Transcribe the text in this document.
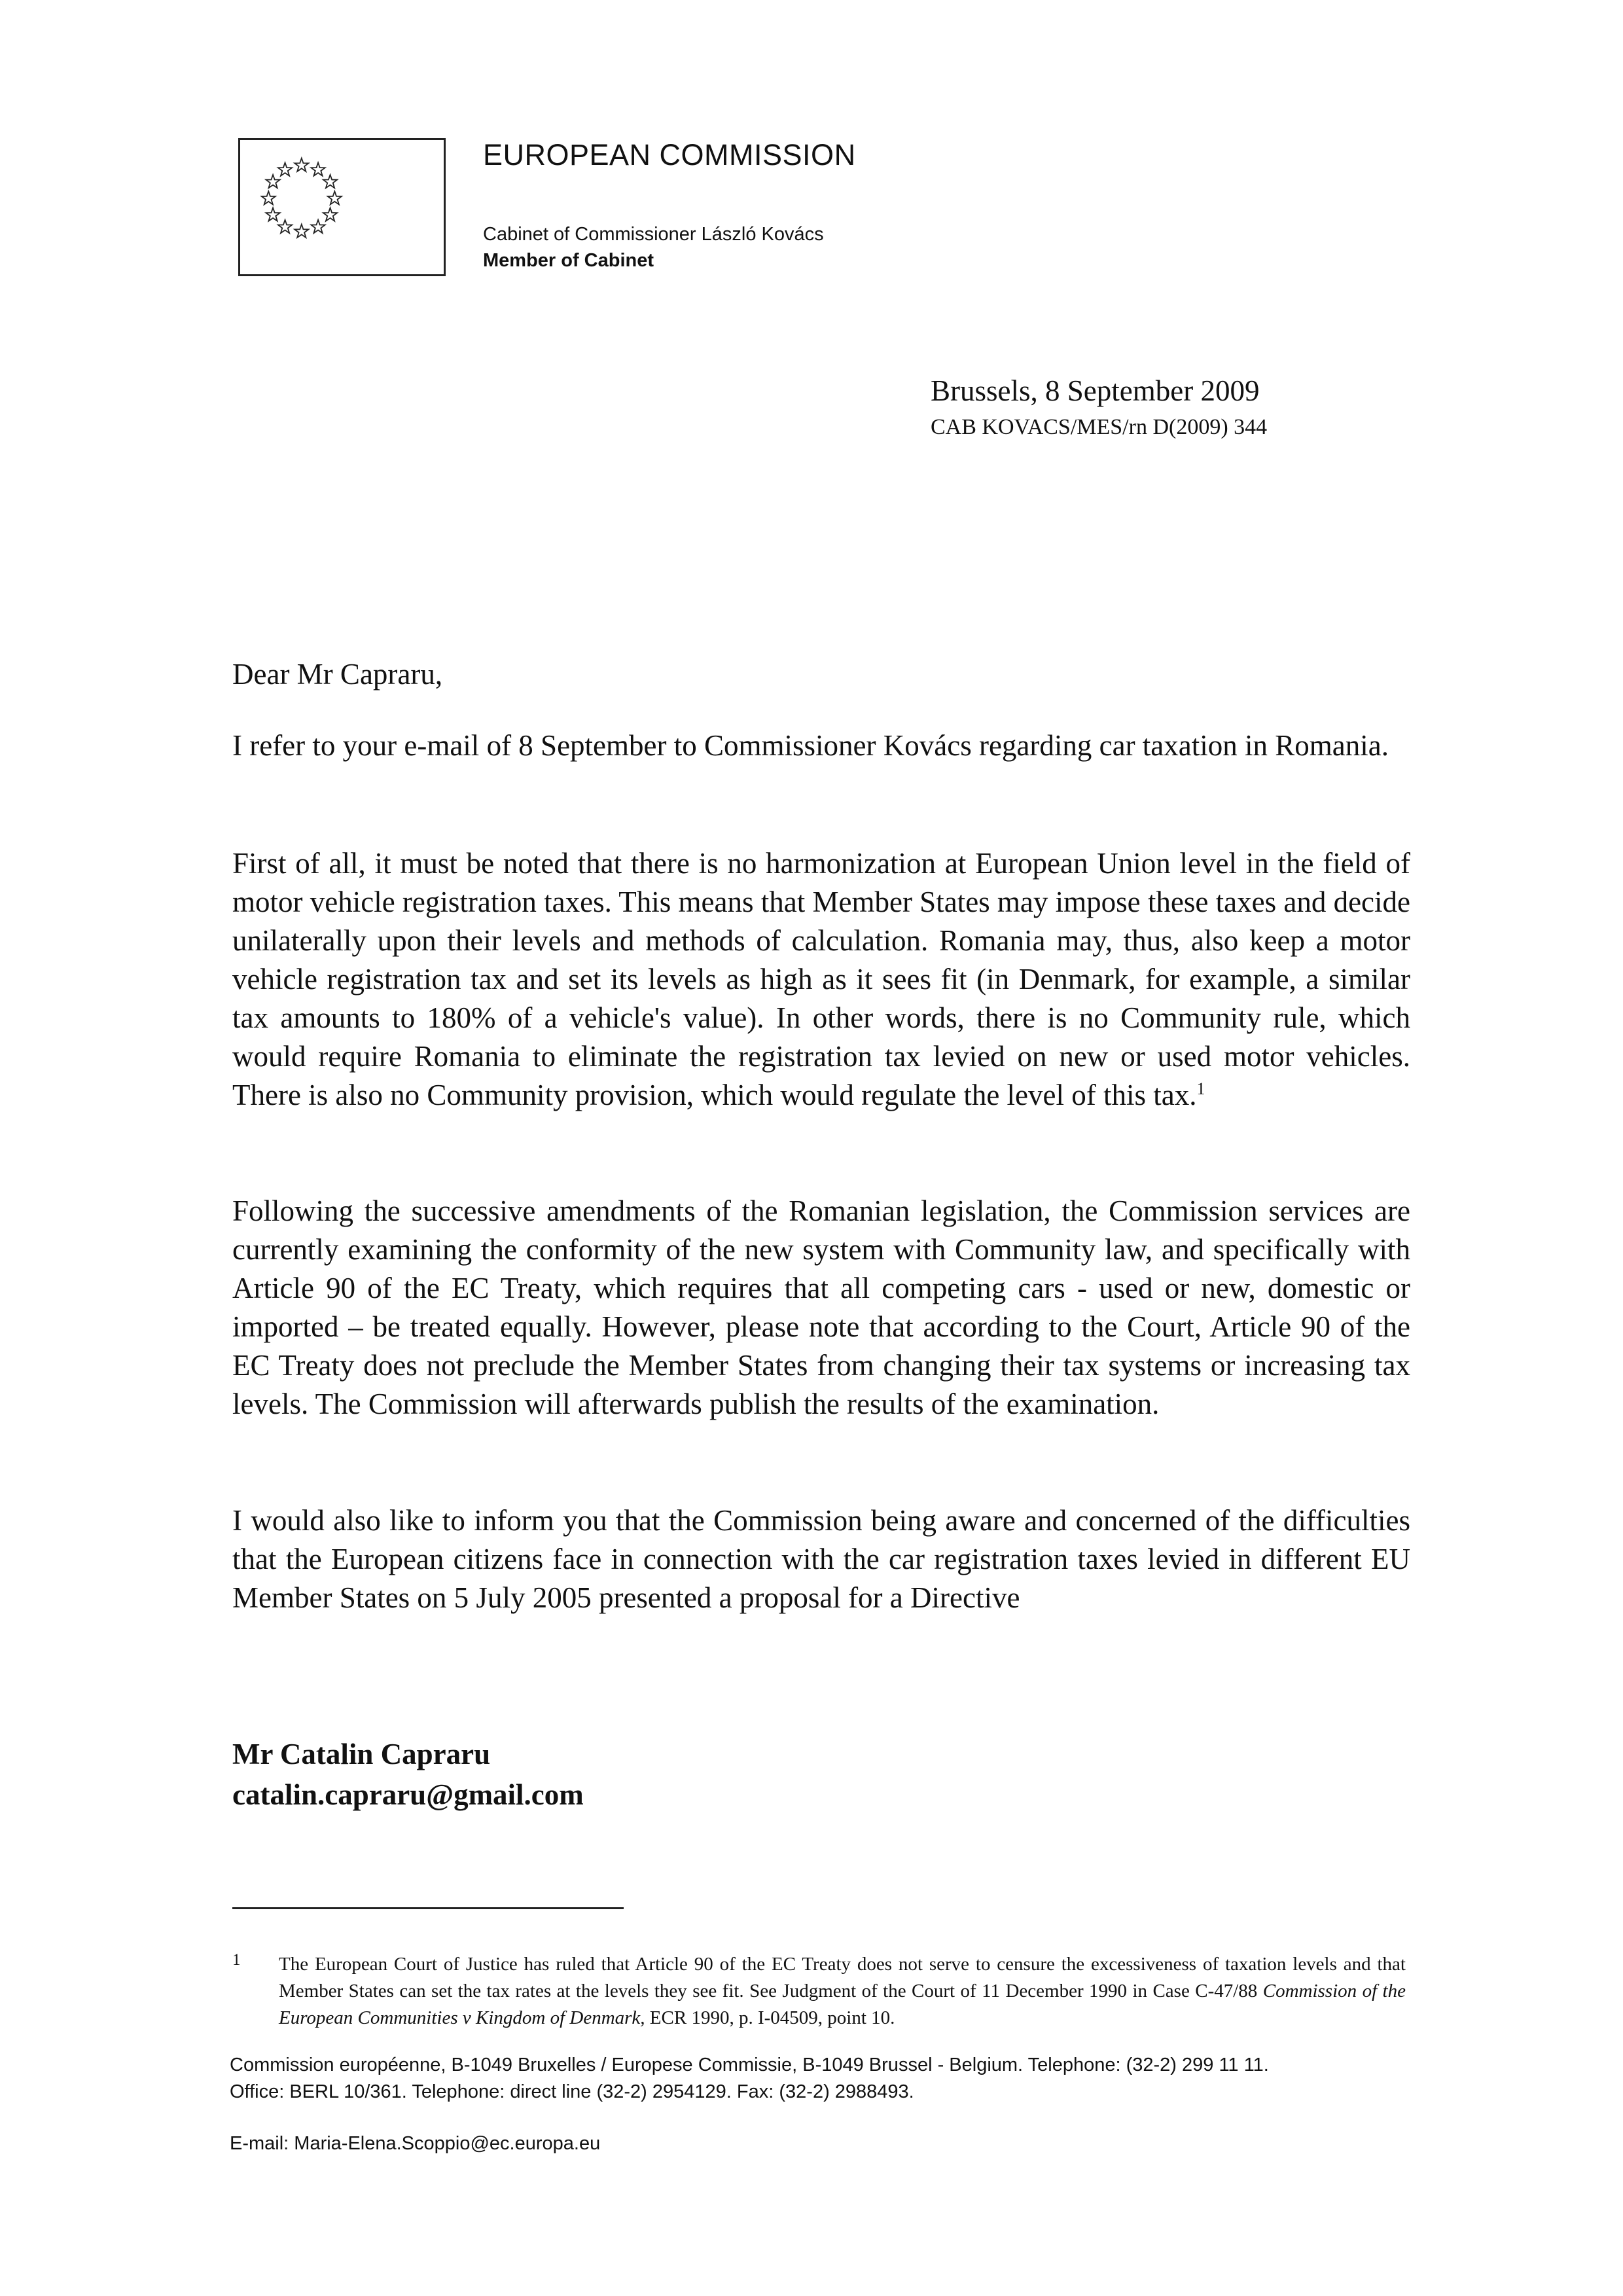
EUROPEAN COMMISSION
Cabinet of Commissioner László Kovács
Member of Cabinet
Brussels, 8 September 2009
CAB KOVACS/MES/rn D(2009) 344
Dear Mr Capraru,

I refer to your e-mail of 8 September to Commissioner Kovács regarding car taxation in Romania.

First of all, it must be noted that there is no harmonization at European Union level in the field of motor vehicle registration taxes. This means that Member States may impose these taxes and decide unilaterally upon their levels and methods of calculation. Romania may, thus, also keep a motor vehicle registration tax and set its levels as high as it sees fit (in Denmark, for example, a similar tax amounts to 180% of a vehicle's value). In other words, there is no Community rule, which would require Romania to eliminate the registration tax levied on new or used motor vehicles. There is also no Community provision, which would regulate the level of this tax.$^1$

Following the successive amendments of the Romanian legislation, the Commission services are currently examining the conformity of the new system with Community law, and specifically with Article 90 of the EC Treaty, which requires that all competing cars - used or new, domestic or imported – be treated equally. However, please note that according to the Court, Article 90 of the EC Treaty does not preclude the Member States from changing their tax systems or increasing tax levels. The Commission will afterwards publish the results of the examination.

I would also like to inform you that the Commission being aware and concerned of the difficulties that the European citizens face in connection with the car registration taxes levied in different EU Member States on 5 July 2005 presented a proposal for a Directive

Mr Catalin Capraru
catalin.capraru@gmail.com
1 The European Court of Justice has ruled that Article 90 of the EC Treaty does not serve to censure the excessiveness of taxation levels and that Member States can set the tax rates at the levels they see fit. See Judgment of the Court of 11 December 1990 in Case C-47/88 Commission of the European Communities v Kingdom of Denmark, ECR 1990, p. I-04509, point 10.

Commission européenne, B-1049 Bruxelles / Europese Commissie, B-1049 Brussel - Belgium. Telephone: (32-2) 299 11 11.
Office: BERL 10/361. Telephone: direct line (32-2) 2954129. Fax: (32-2) 2988493.
E-mail: Maria-Elena.Scoppio@ec.europa.eu
